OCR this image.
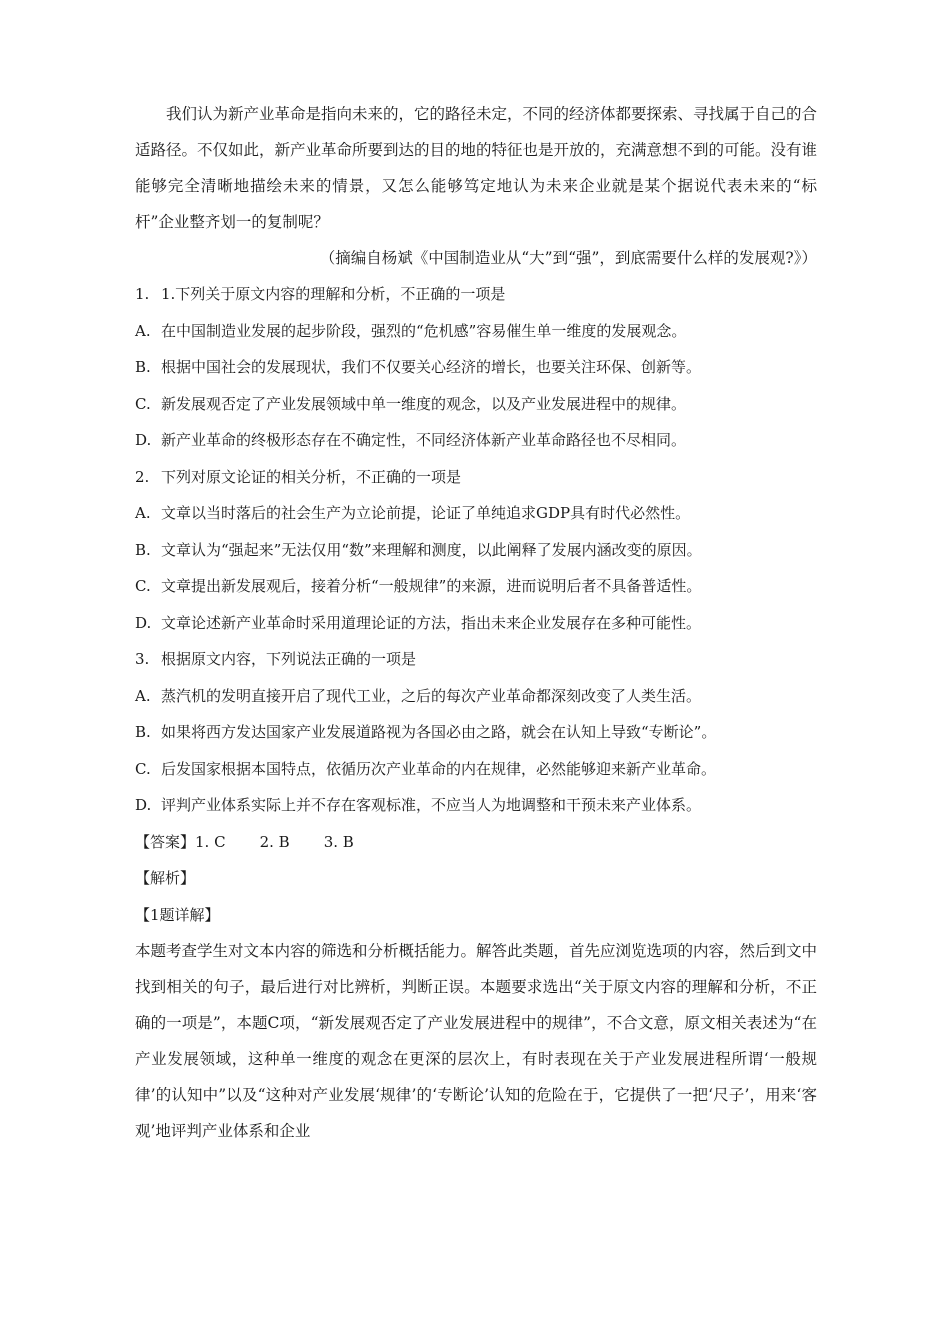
我们认为新产业革命是指向未来的，它的路径未定，不同的经济体都要探索、寻找属于自己的合适路径。不仅如此，新产业革命所要到达的目的地的特征也是开放的，充满意想不到的可能。没有谁能够完全清晰地描绘未来的情景，又怎么能够笃定地认为未来企业就是某个据说代表未来的“标杆”企业整齐划一的复制呢？

（摘编自杨斌《中国制造业从“大”到“强”，到底需要什么样的发展观?》）

1. 1.下列关于原文内容的理解和分析，不正确的一项是

A. 在中国制造业发展的起步阶段，强烈的“危机感”容易催生单一维度的发展观念。

B. 根据中国社会的发展现状，我们不仅要关心经济的增长，也要关注环保、创新等。

C. 新发展观否定了产业发展领域中单一维度的观念，以及产业发展进程中的规律。

D. 新产业革命的终极形态存在不确定性，不同经济体新产业革命路径也不尽相同。

2. 下列对原文论证的相关分析，不正确的一项是

A. 文章以当时落后的社会生产为立论前提，论证了单纯追求GDP具有时代必然性。

B. 文章认为“强起来”无法仅用“数”来理解和测度，以此阐释了发展内涵改变的原因。

C. 文章提出新发展观后，接着分析“一般规律”的来源，进而说明后者不具备普适性。

D. 文章论述新产业革命时采用道理论证的方法，指出未来企业发展存在多种可能性。

3. 根据原文内容，下列说法正确的一项是

A. 蒸汽机的发明直接开启了现代工业，之后的每次产业革命都深刻改变了人类生活。

B. 如果将西方发达国家产业发展道路视为各国必由之路，就会在认知上导致“专断论”。

C. 后发国家根据本国特点，依循历次产业革命的内在规律，必然能够迎来新产业革命。

D. 评判产业体系实际上并不存在客观标准，不应当人为地调整和干预未来产业体系。

【答案】1. C 2. B 3. B

【解析】

【1题详解】

本题考查学生对文本内容的筛选和分析概括能力。解答此类题，首先应浏览选项的内容，然后到文中找到相关的句子，最后进行对比辨析，判断正误。本题要求选出“关于原文内容的理解和分析，不正确的一项是”，本题C项，“新发展观否定了产业发展进程中的规律”，不合文意，原文相关表述为“在产业发展领域，这种单一维度的观念在更深的层次上，有时表现在关于产业发展进程所谓‘一般规律’的认知中”以及“这种对产业发展‘规律’的‘专断论’认知的危险在于，它提供了一把‘尺子’，用来‘客观’地评判产业体系和企业
